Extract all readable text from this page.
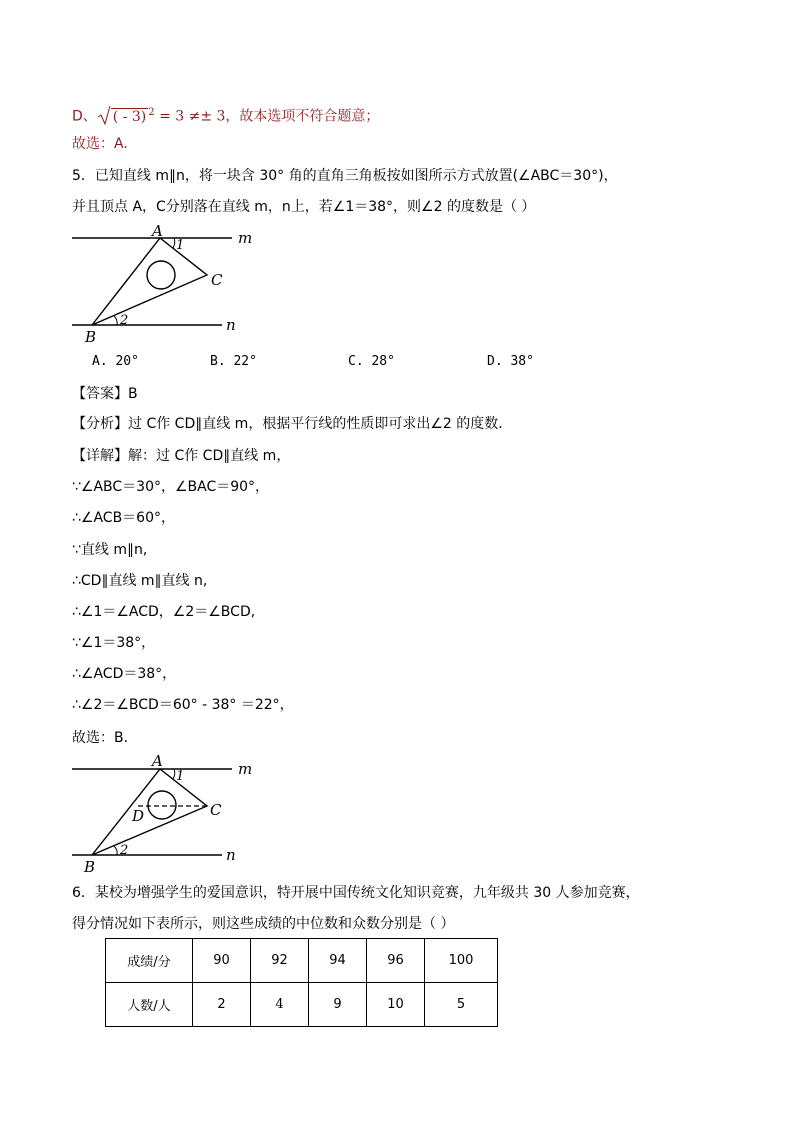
D、 ( - 3) $^2$ = 3 ≠± 3，故本选项不符合题意；
故选：A.
5．已知直线 m∥n，将一块含 30° 角的直角三角板按如图所示方式放置(∠ABC＝30°)，
并且顶点 A，C分别落在直线 m，n上，若∠1＝38°，则∠2 的度数是（ ）
A
1
C
B
2
m
n
A. 20°	B. 22°	C. 28°	D. 38°
【答案】B
【分析】过 C作 CD∥直线 m，根据平行线的性质即可求出∠2 的度数．
【详解】解：过 C作 CD∥直线 m，
∵∠ABC＝30°，∠BAC＝90°，
∴∠ACB＝60°，
∵直线 m∥n,
∴CD∥直线 m∥直线 n,
∴∠1＝∠ACD，∠2＝∠BCD,
∵∠1＝38°，
∴∠ACD＝38°，
∴∠2＝∠BCD＝60° - 38° ＝22°，
故选：B.
A
1
C
D
B
2
m
n
6．某校为增强学生的爱国意识，特开展中国传统文化知识竞赛，九年级共 30 人参加竞赛，
得分情况如下表所示，则这些成绩的中位数和众数分别是（ ）
成绩/分	90	92	94	96	100
人数/人	2	4	9	10	5
